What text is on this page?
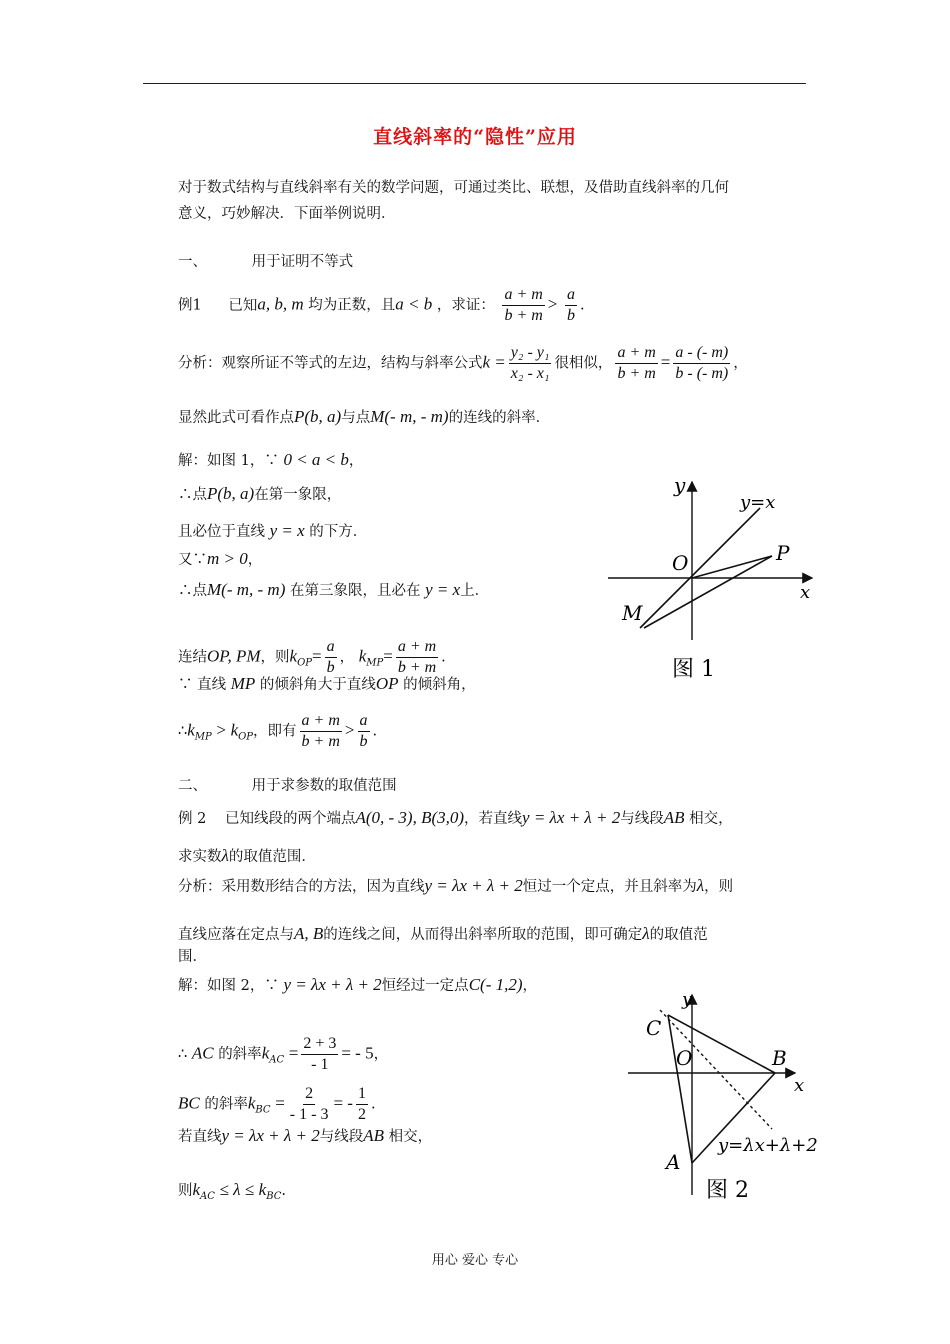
直线斜率的“隐性”应用
对于数式结构与直线斜率有关的数学问题，可通过类比、联想，及借助直线斜率的几何
意义，巧妙解决．下面举例说明．
一、	用于证明不等式
例1 已知a, b, m 均为正数，且a < b ，求证： $\frac{a + m}{b + m} > \frac{a}{b}$ .
分析：观察所证不等式的左边，结构与斜率公式$k = \frac{\text{y₂ - y₁}}{\text{x₂ - x₁}}$ 很相似， $\frac{a + m}{b + m} = \frac{a - (- m)}{b - (- m)}$ ，
显然此式可看作点P(b, a)与点M(- m, - m)的连线的斜率．
解：如图 1，∵ 0 < a < b，
∴点P(b, a)在第一象限，
且必位于直线 y = x 的下方．
又∵m > 0，
∴点M(- m, - m) 在第三象限，且必在 y = x上．
连结OP, PM，则$k_{OP}= \frac{a}{b}$ ， $k_{MP}= \frac{a + m}{b + m}$ .
∵ 直线 MP 的倾斜角大于直线OP 的倾斜角，
$\therefore k_{MP} > k_{OP}$，即有 $\frac{a + m}{b + m} > \frac{a}{b}$ .
二、	用于求参数的取值范围
例 2 已知线段的两个端点A(0, - 3), B(3,0)，若直线y = λx + λ + 2与线段AB 相交，
求实数λ的取值范围．
分析：采用数形结合的方法，因为直线y = λx + λ + 2恒过一个定点，并且斜率为λ，则
直线应落在定点与A, B的连线之间，从而得出斜率所取的范围，即可确定λ的取值范
围．
解：如图 2，∵ y = λx + λ + 2恒经过一定点C(- 1,2)，
∴ AC 的斜率$k_{AC} = \frac{2 + 3}{- 1}$ = - 5，
BC 的斜率$k_{BC} = \frac{2}{- 1 - 3}$ = - $\frac{1}{2}$ .
若直线y = λx + λ + 2与线段AB 相交，
则$k_{AC} \le \lambda \le k_{BC}$.
y
y=x
O	P
x
M
图 1
y
C
O	B
x
A
y=λx+λ+2
图 2
用心 爱心 专心
